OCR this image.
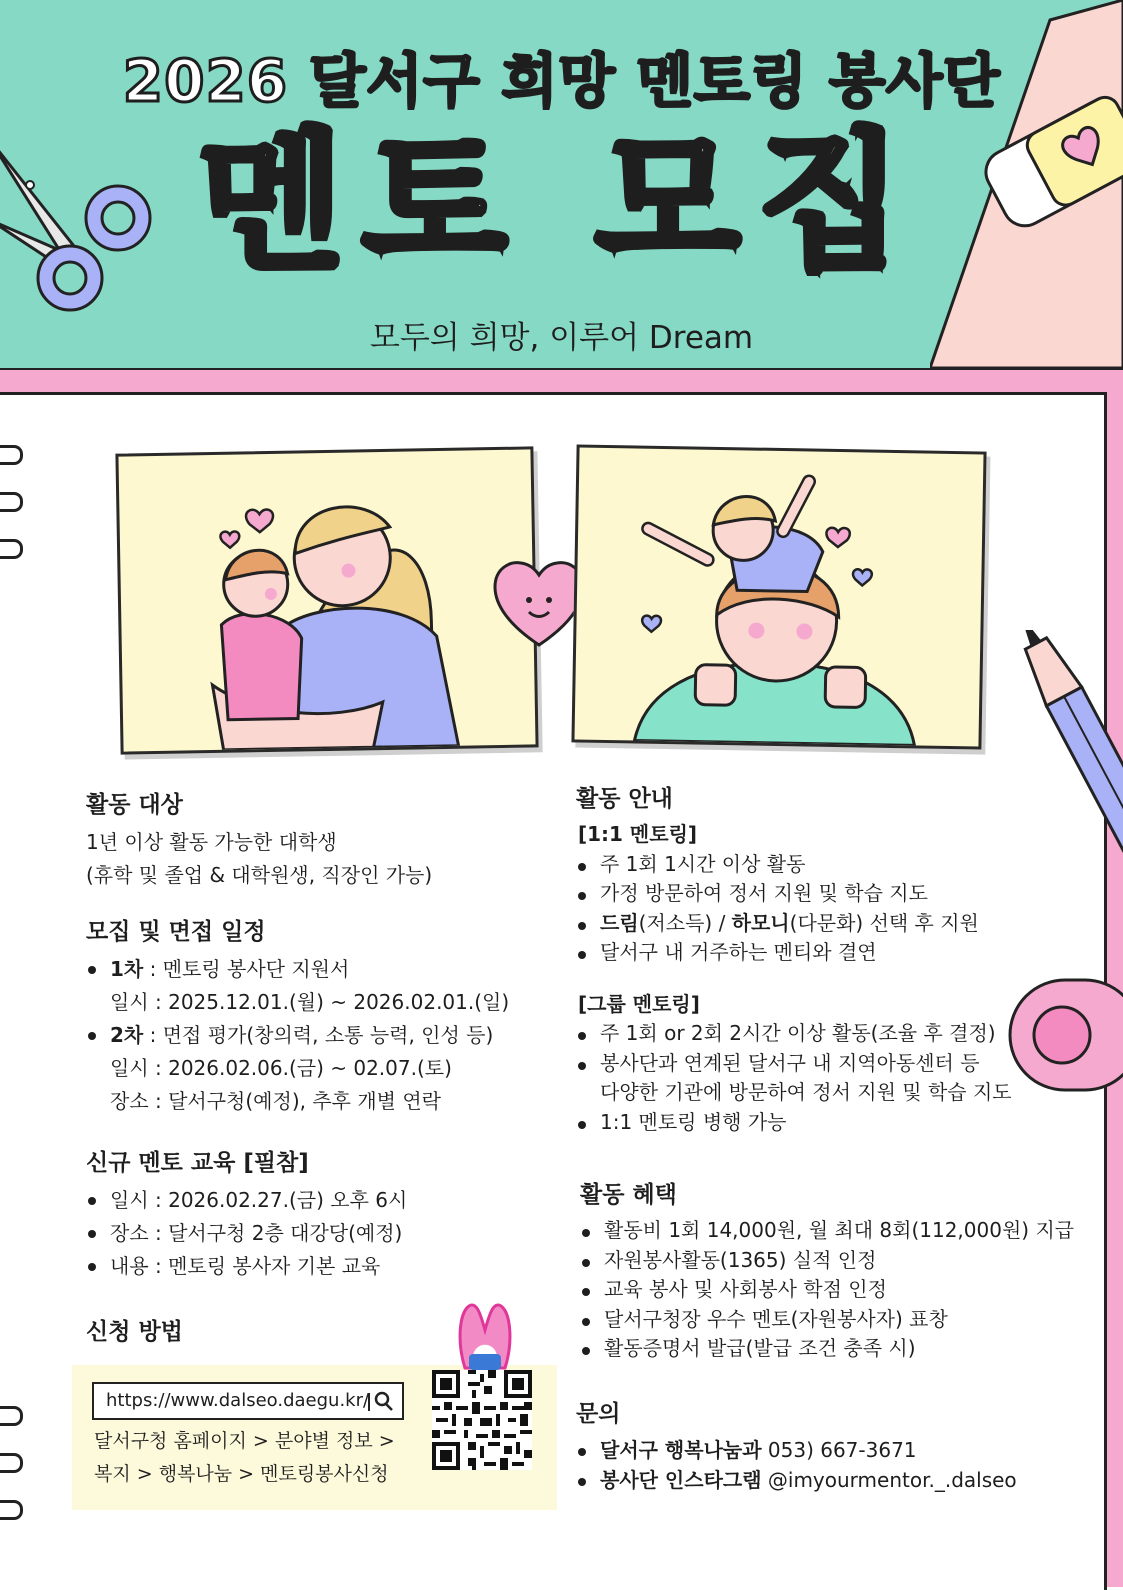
2026 달서구 희망 멘토링 봉사단
멘토 모집
모두의 희망, 이루어 Dream
활동 대상

1년 이상 활동 가능한 대학생

(휴학 및 졸업 & 대학원생, 직장인 가능)

모집 및 면접 일정
1차 : 멘토링 봉사단 지원서
일시 : 2025.12.01.(월) ~ 2026.02.01.(일)
2차 : 면접 평가(창의력, 소통 능력, 인성 등)
일시 : 2026.02.06.(금) ~ 02.07.(토)
장소 : 달서구청(예정), 추후 개별 연락
신규 멘토 교육 [필참]
일시 : 2026.02.27.(금) 오후 6시
장소 : 달서구청 2층 대강당(예정)
내용 : 멘토링 봉사자 기본 교육
신청 방법
https://www.dalseo.daegu.kr/
달서구청 홈페이지 > 분야별 정보 >
복지 > 행복나눔 > 멘토링봉사신청
활동 안내
[1:1 멘토링]
주 1회 1시간 이상 활동
가정 방문하여 정서 지원 및 학습 지도
드림(저소득) / 하모니(다문화) 선택 후 지원
달서구 내 거주하는 멘티와 결연
[그룹 멘토링]
주 1회 or 2회 2시간 이상 활동(조율 후 결정)
봉사단과 연계된 달서구 내 지역아동센터 등
다양한 기관에 방문하여 정서 지원 및 학습 지도
1:1 멘토링 병행 가능
활동 혜택
활동비 1회 14,000원, 월 최대 8회(112,000원) 지급
자원봉사활동(1365) 실적 인정
교육 봉사 및 사회봉사 학점 인정
달서구청장 우수 멘토(자원봉사자) 표창
활동증명서 발급(발급 조건 충족 시)
문의
달서구 행복나눔과 053) 667-3671
봉사단 인스타그램 @imyourmentor._.dalseo
